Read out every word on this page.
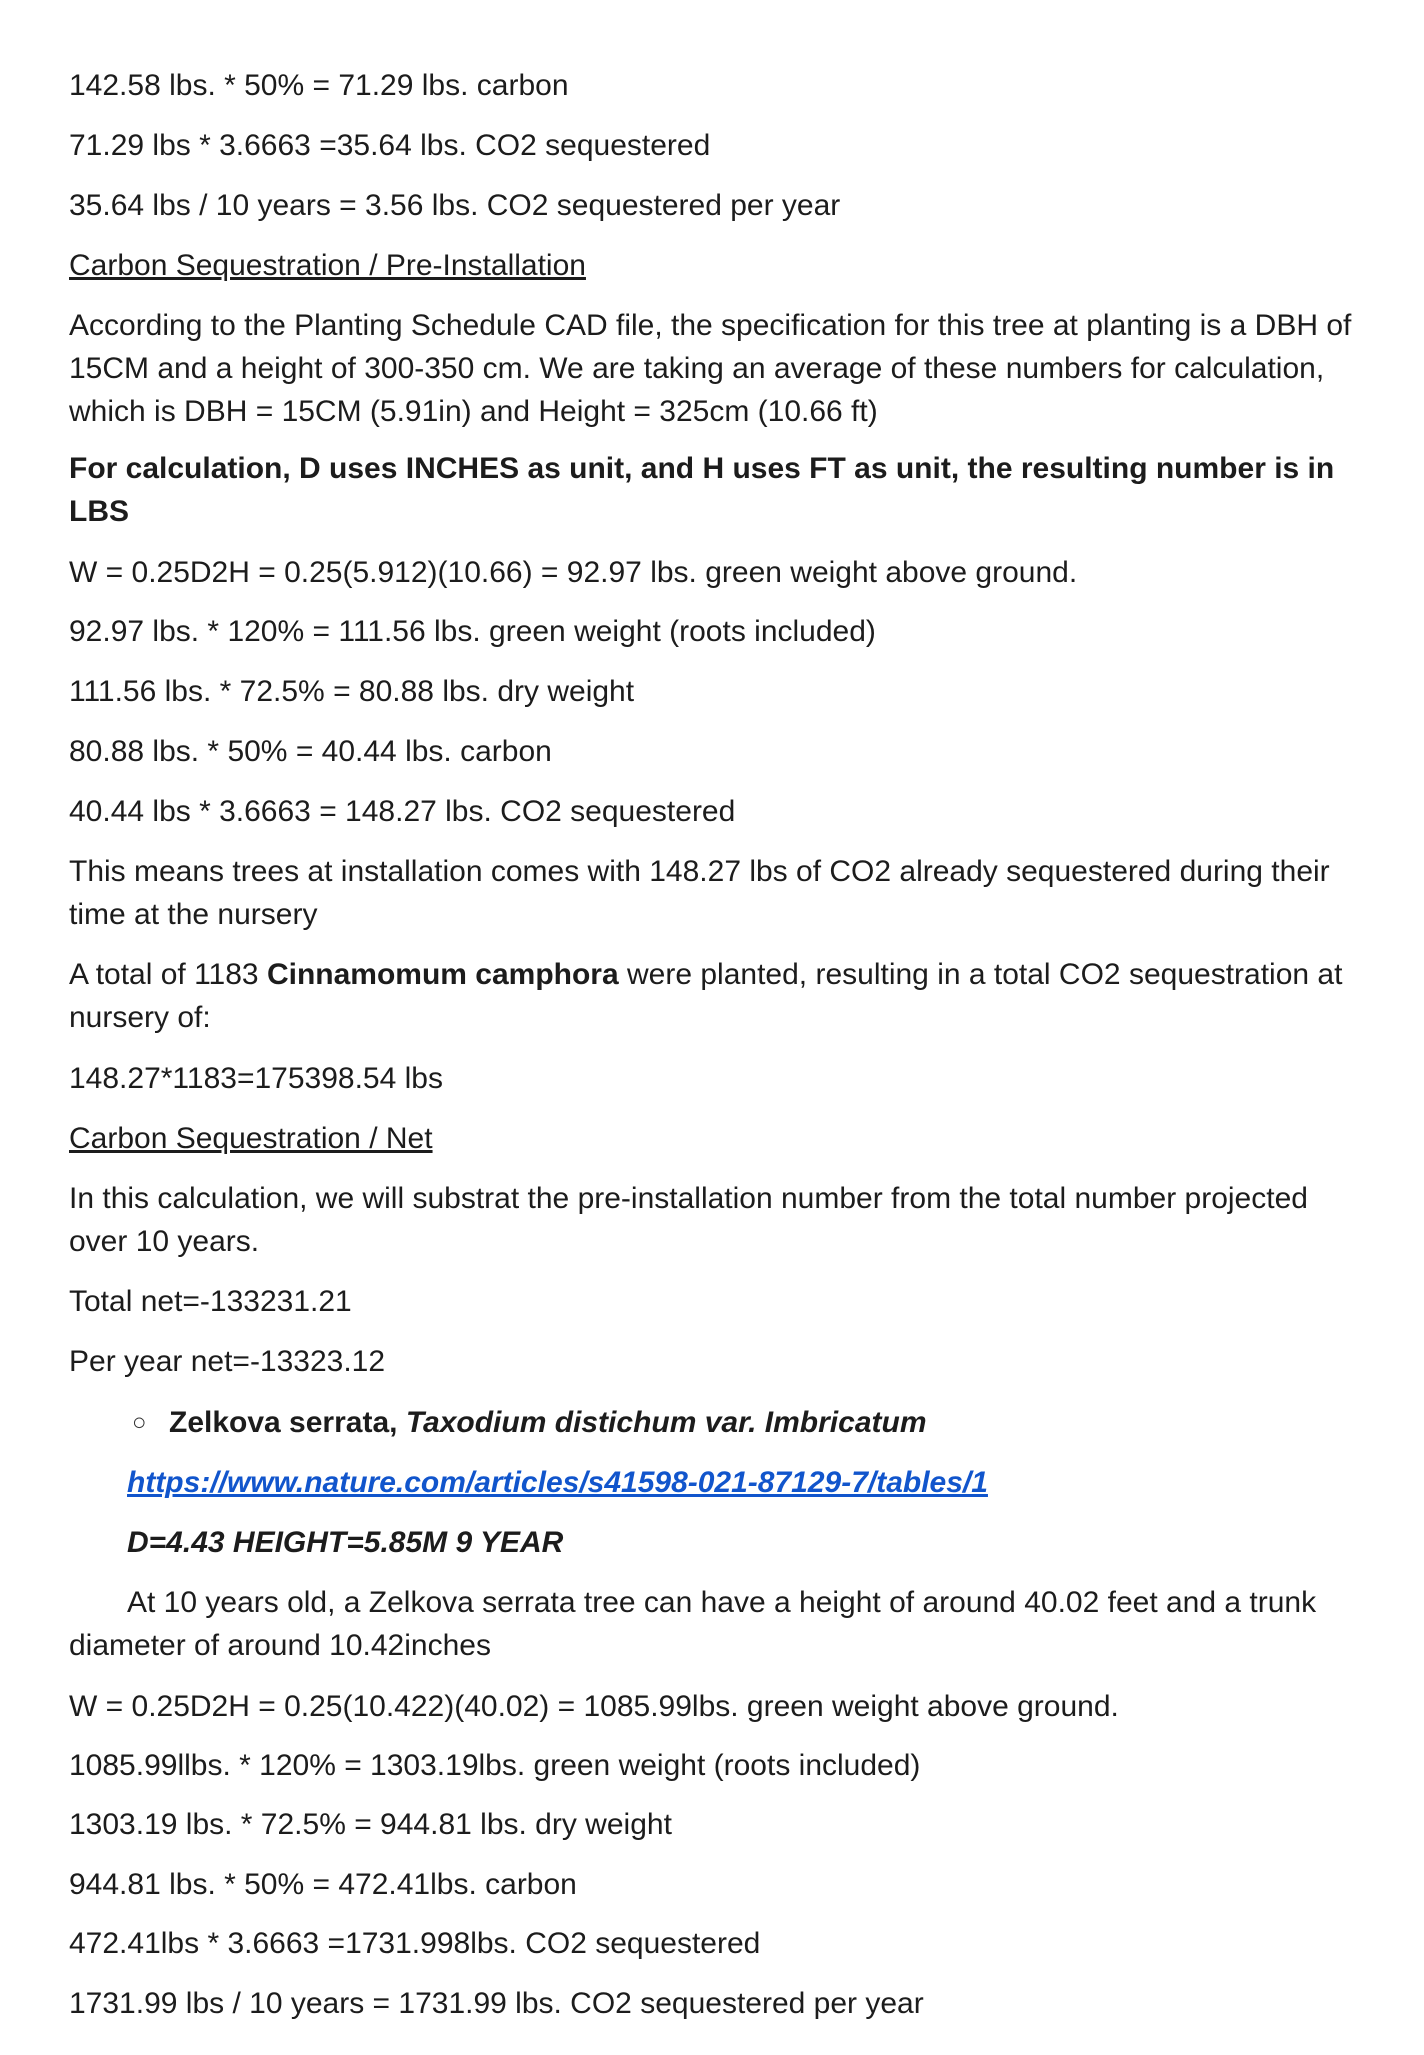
142.58 lbs. * 50% = 71.29 lbs. carbon
71.29 lbs * 3.6663 =35.64 lbs. CO2 sequestered
35.64 lbs / 10 years = 3.56 lbs. CO2 sequestered per year
Carbon Sequestration / Pre-Installation
According to the Planting Schedule CAD file, the specification for this tree at planting is a DBH of 15CM and a height of 300-350 cm. We are taking an average of these numbers for calculation, which is DBH = 15CM (5.91in) and Height = 325cm (10.66 ft)
For calculation, D uses INCHES as unit, and H uses FT as unit, the resulting number is in LBS
W = 0.25D2H = 0.25(5.912)(10.66) = 92.97 lbs. green weight above ground.
92.97 lbs. * 120% = 111.56 lbs. green weight (roots included)
111.56 lbs. * 72.5% = 80.88 lbs. dry weight
80.88 lbs. * 50% = 40.44 lbs. carbon
40.44 lbs * 3.6663 = 148.27 lbs. CO2 sequestered
This means trees at installation comes with 148.27 lbs of CO2 already sequestered during their time at the nursery
A total of 1183 Cinnamomum camphora were planted, resulting in a total CO2 sequestration at nursery of:
148.27*1183=175398.54 lbs
Carbon Sequestration / Net
In this calculation, we will substrat the pre-installation number from the total number projected over 10 years.
Total net=-133231.21
Per year net=-13323.12
○ Zelkova serrata, Taxodium distichum var. Imbricatum
https://www.nature.com/articles/s41598-021-87129-7/tables/1
D=4.43 HEIGHT=5.85M 9 YEAR
At 10 years old, a Zelkova serrata tree can have a height of around 40.02 feet and a trunk diameter of around 10.42inches
W = 0.25D2H = 0.25(10.422)(40.02) = 1085.99lbs. green weight above ground.
1085.99llbs. * 120% = 1303.19lbs. green weight (roots included)
1303.19 lbs. * 72.5% = 944.81 lbs. dry weight
944.81 lbs. * 50% = 472.41lbs. carbon
472.41lbs * 3.6663 =1731.998lbs. CO2 sequestered
1731.99 lbs / 10 years = 1731.99 lbs. CO2 sequestered per year
